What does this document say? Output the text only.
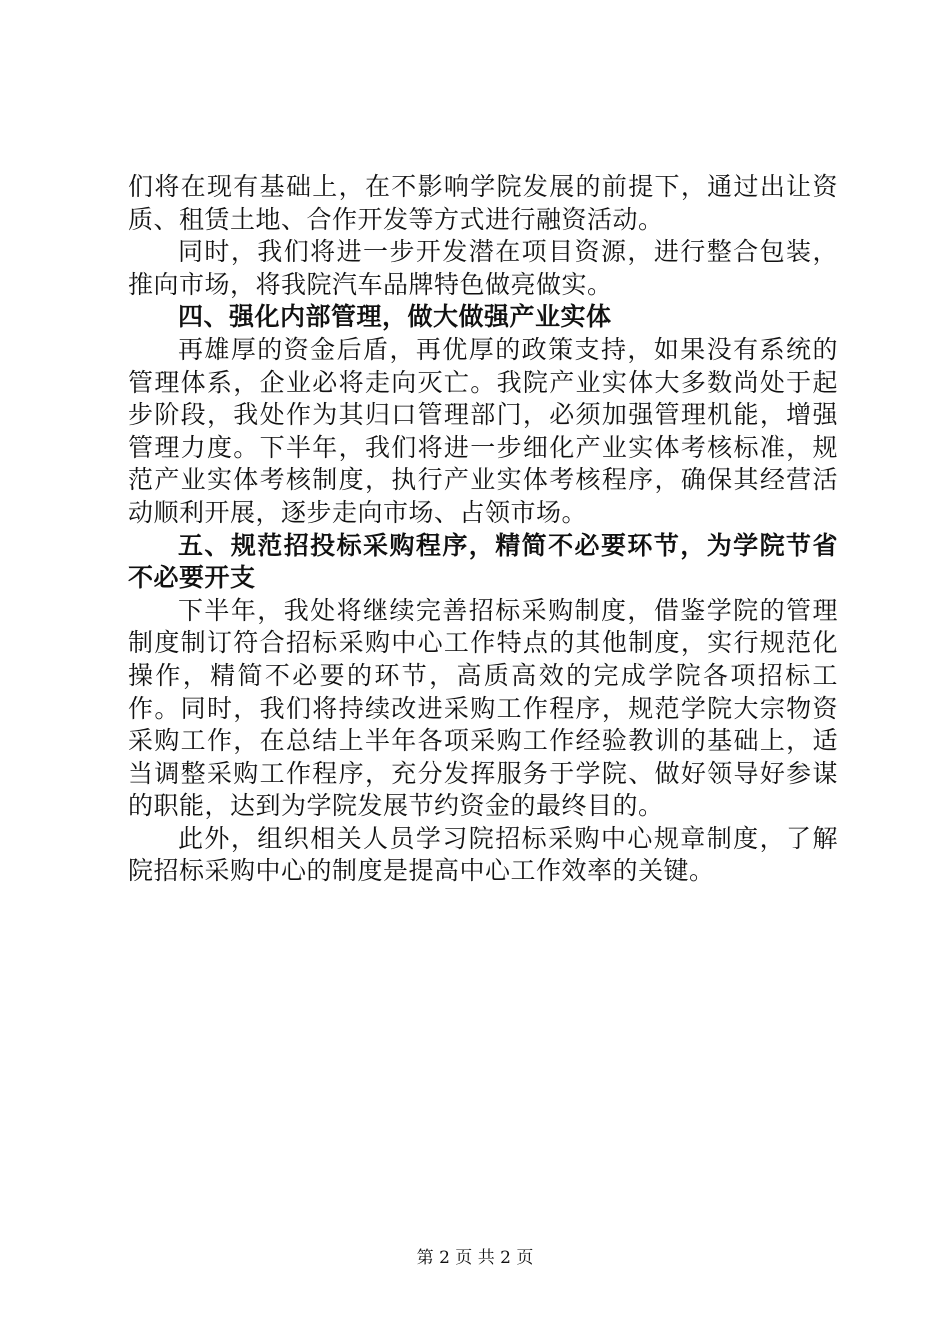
们将在现有基础上，在不影响学院发展的前提下，通过出让资质、租赁土地、合作开发等方式进行融资活动。

同时，我们将进一步开发潜在项目资源，进行整合包装，推向市场，将我院汽车品牌特色做亮做实。

四、强化内部管理，做大做强产业实体

再雄厚的资金后盾，再优厚的政策支持，如果没有系统的管理体系，企业必将走向灭亡。我院产业实体大多数尚处于起步阶段，我处作为其归口管理部门，必须加强管理机能，增强管理力度。下半年，我们将进一步细化产业实体考核标准，规范产业实体考核制度，执行产业实体考核程序，确保其经营活动顺利开展，逐步走向市场、占领市场。

五、规范招投标采购程序，精简不必要环节，为学院节省不必要开支

下半年，我处将继续完善招标采购制度，借鉴学院的管理制度制订符合招标采购中心工作特点的其他制度，实行规范化操作，精简不必要的环节，高质高效的完成学院各项招标工作。同时，我们将持续改进采购工作程序，规范学院大宗物资采购工作，在总结上半年各项采购工作经验教训的基础上，适当调整采购工作程序，充分发挥服务于学院、做好领导好参谋的职能，达到为学院发展节约资金的最终目的。

此外，组织相关人员学习院招标采购中心规章制度，了解院招标采购中心的制度是提高中心工作效率的关键。

第 2 页 共 2 页
